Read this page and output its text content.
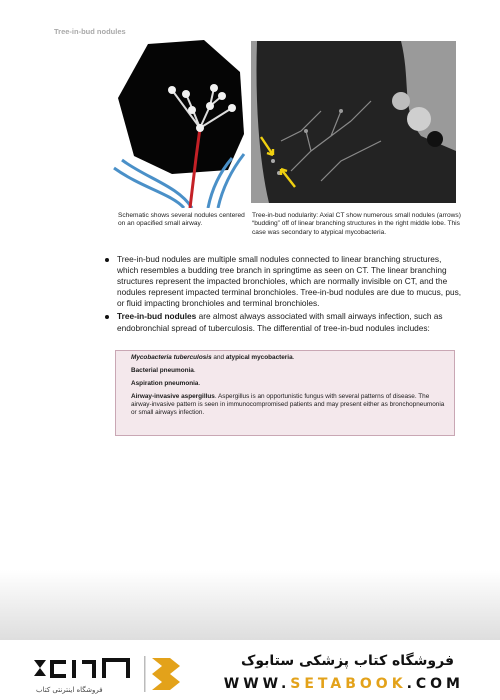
Tree-in-bud nodules
Schematic shows several nodules centered on an opacified small airway.
Tree-in-bud nodularity: Axial CT show numerous small nodules (arrows) “budding” off of linear branching structures in the right middle lobe. This case was secondary to atypical mycobacteria.
Tree-in-bud nodules are multiple small nodules connected to linear branching structures, which resembles a budding tree branch in springtime as seen on CT. The linear branching structures represent the impacted bronchioles, which are normally invisible on CT, and the nodules represent impacted terminal bronchioles. Tree-in-bud nodules are due to mucus, pus, or fluid impacting bronchioles and terminal bronchioles.
Tree-in-bud nodules are almost always associated with small airways infection, such as endobronchial spread of tuberculosis. The differential of tree-in-bud nodules includes:

Mycobacteria tuberculosis and atypical mycobacteria.

Bacterial pneumonia.

Aspiration pneumonia.

Airway-invasive aspergillus. Aspergillus is an opportunistic fungus with several patterns of disease. The airway-invasive pattern is seen in immunocompromised patients and may present either as bronchopneumonia or small airways infection.

فروشگاه اینترنتی کتاب
فروشگاه کتاب پزشکی ستابوک
WWW.SETABOOK.COM
